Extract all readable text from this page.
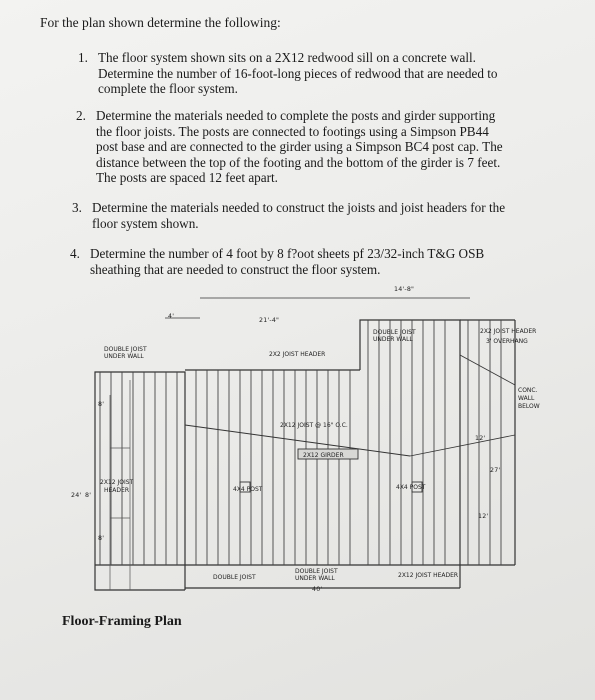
For the plan shown determine the following:
1. The floor system shown sits on a 2X12 redwood sill on a concrete wall.
Determine the number of 16-foot-long pieces of redwood that are needed to
complete the floor system.
2. Determine the materials needed to complete the posts and girder supporting
the floor joists. The posts are connected to footings using a Simpson PB44
post base and are connected to the girder using a Simpson BC4 post cap. The
distance between the top of the footing and the bottom of the girder is 7 feet.
The posts are spaced 12 feet apart.
3. Determine the materials needed to construct the joists and joist headers for the
floor system shown.
4. Determine the number of 4 foot by 8 f?oot sheets pf 23/32-inch T&G OSB
sheathing that are needed to construct the floor system.
4'
21'-4"
14'-8"
DOUBLE JOIST
UNDER WALL
DOUBLE JOIST
UNDER WALL
2X2 JOIST HEADER
2X2 JOIST HEADER
3' OVERHANG
2X12 JOIST @ 16" O.C.
2X12 GIRDER
CONC.
WALL
BELOW
8'
24' 8'
8'
2X12 JOIST
HEADER
12'
27'
12'
4X4 POST	4X4 POST
DOUBLE JOIST
DOUBLE JOIST
UNDER WALL
40'
2X12 JOIST HEADER
Floor-Framing Plan
